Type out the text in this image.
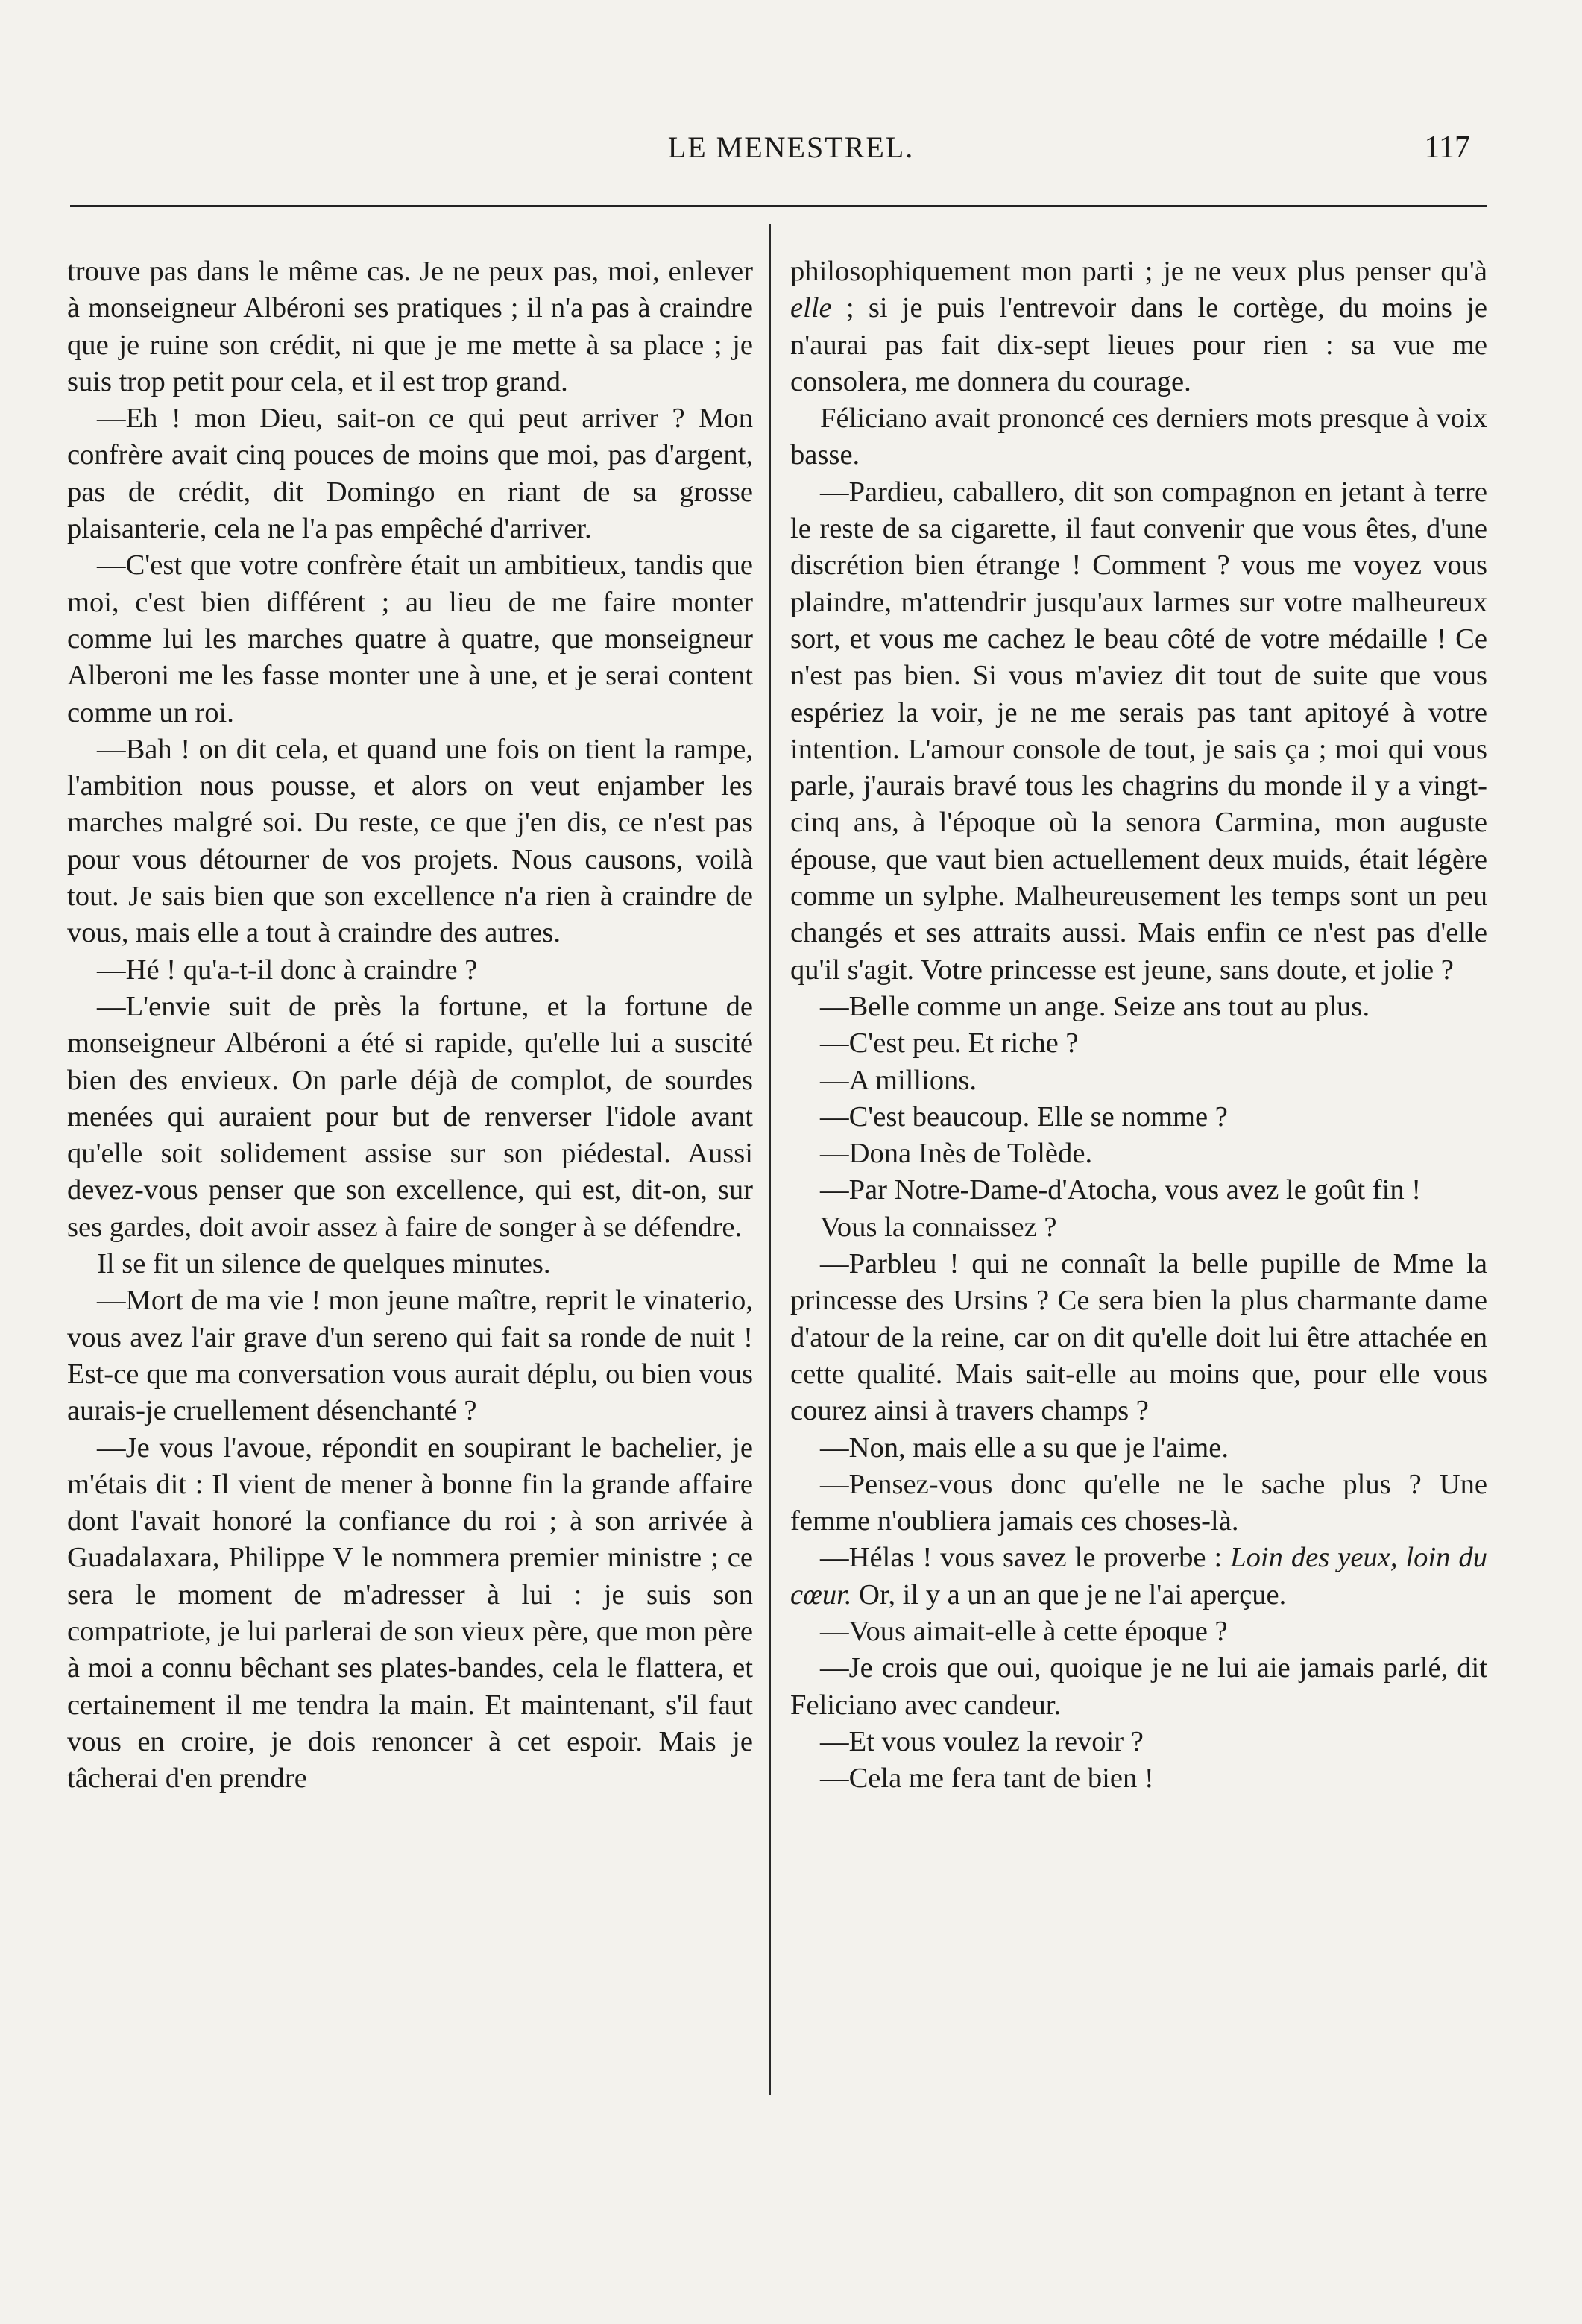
LE MENESTREL.	117

trouve pas dans le même cas. Je ne peux pas, moi, enlever à monseigneur Albéroni ses pratiques ; il n'a pas à craindre que je ruine son crédit, ni que je me mette à sa place ; je suis trop petit pour cela, et il est trop grand.

—Eh ! mon Dieu, sait-on ce qui peut arriver ? Mon confrère avait cinq pouces de moins que moi, pas d'argent, pas de crédit, dit Domingo en riant de sa grosse plaisanterie, cela ne l'a pas empêché d'arriver.

—C'est que votre confrère était un ambitieux, tandis que moi, c'est bien différent ; au lieu de me faire monter comme lui les marches quatre à quatre, que monseigneur Alberoni me les fasse monter une à une, et je serai content comme un roi.

—Bah ! on dit cela, et quand une fois on tient la rampe, l'ambition nous pousse, et alors on veut enjamber les marches malgré soi. Du reste, ce que j'en dis, ce n'est pas pour vous détourner de vos projets. Nous causons, voilà tout. Je sais bien que son excellence n'a rien à craindre de vous, mais elle a tout à craindre des autres.

—Hé ! qu'a-t-il donc à craindre ?

—L'envie suit de près la fortune, et la fortune de monseigneur Albéroni a été si rapide, qu'elle lui a suscité bien des envieux. On parle déjà de complot, de sourdes menées qui auraient pour but de renverser l'idole avant qu'elle soit solidement assise sur son piédestal. Aussi devez-vous penser que son excellence, qui est, dit-on, sur ses gardes, doit avoir assez à faire de songer à se défendre.

Il se fit un silence de quelques minutes.

—Mort de ma vie ! mon jeune maître, reprit le vinaterio, vous avez l'air grave d'un sereno qui fait sa ronde de nuit ! Est-ce que ma conversation vous aurait déplu, ou bien vous aurais-je cruellement désenchanté ?

—Je vous l'avoue, répondit en soupirant le bachelier, je m'étais dit : Il vient de mener à bonne fin la grande affaire dont l'avait honoré la confiance du roi ; à son arrivée à Guadalaxara, Philippe V le nommera premier ministre ; ce sera le moment de m'adresser à lui : je suis son compatriote, je lui parlerai de son vieux père, que mon père à moi a connu bêchant ses plates-bandes, cela le flattera, et certainement il me tendra la main. Et maintenant, s'il faut vous en croire, je dois renoncer à cet espoir. Mais je tâcherai d'en prendre

philosophiquement mon parti ; je ne veux plus penser qu'à elle ; si je puis l'entrevoir dans le cortège, du moins je n'aurai pas fait dix-sept lieues pour rien : sa vue me consolera, me donnera du courage.

Féliciano avait prononcé ces derniers mots presque à voix basse.

—Pardieu, caballero, dit son compagnon en jetant à terre le reste de sa cigarette, il faut convenir que vous êtes, d'une discrétion bien étrange ! Comment ? vous me voyez vous plaindre, m'attendrir jusqu'aux larmes sur votre malheureux sort, et vous me cachez le beau côté de votre médaille ! Ce n'est pas bien. Si vous m'aviez dit tout de suite que vous espériez la voir, je ne me serais pas tant apitoyé à votre intention. L'amour console de tout, je sais ça ; moi qui vous parle, j'aurais bravé tous les chagrins du monde il y a vingt-cinq ans, à l'époque où la senora Carmina, mon auguste épouse, que vaut bien actuellement deux muids, était légère comme un sylphe. Malheureusement les temps sont un peu changés et ses attraits aussi. Mais enfin ce n'est pas d'elle qu'il s'agit. Votre princesse est jeune, sans doute, et jolie ?

—Belle comme un ange. Seize ans tout au plus.

—C'est peu. Et riche ?

—A millions.

—C'est beaucoup. Elle se nomme ?

—Dona Inès de Tolède.

—Par Notre-Dame-d'Atocha, vous avez le goût fin !

Vous la connaissez ?

—Parbleu ! qui ne connaît la belle pupille de Mme la princesse des Ursins ? Ce sera bien la plus charmante dame d'atour de la reine, car on dit qu'elle doit lui être attachée en cette qualité. Mais sait-elle au moins que, pour elle vous courez ainsi à travers champs ?

—Non, mais elle a su que je l'aime.

—Pensez-vous donc qu'elle ne le sache plus ? Une femme n'oubliera jamais ces choses-là.

—Hélas ! vous savez le proverbe : Loin des yeux, loin du cœur. Or, il y a un an que je ne l'ai aperçue.

—Vous aimait-elle à cette époque ?

—Je crois que oui, quoique je ne lui aie jamais parlé, dit Feliciano avec candeur.

—Et vous voulez la revoir ?

—Cela me fera tant de bien !
